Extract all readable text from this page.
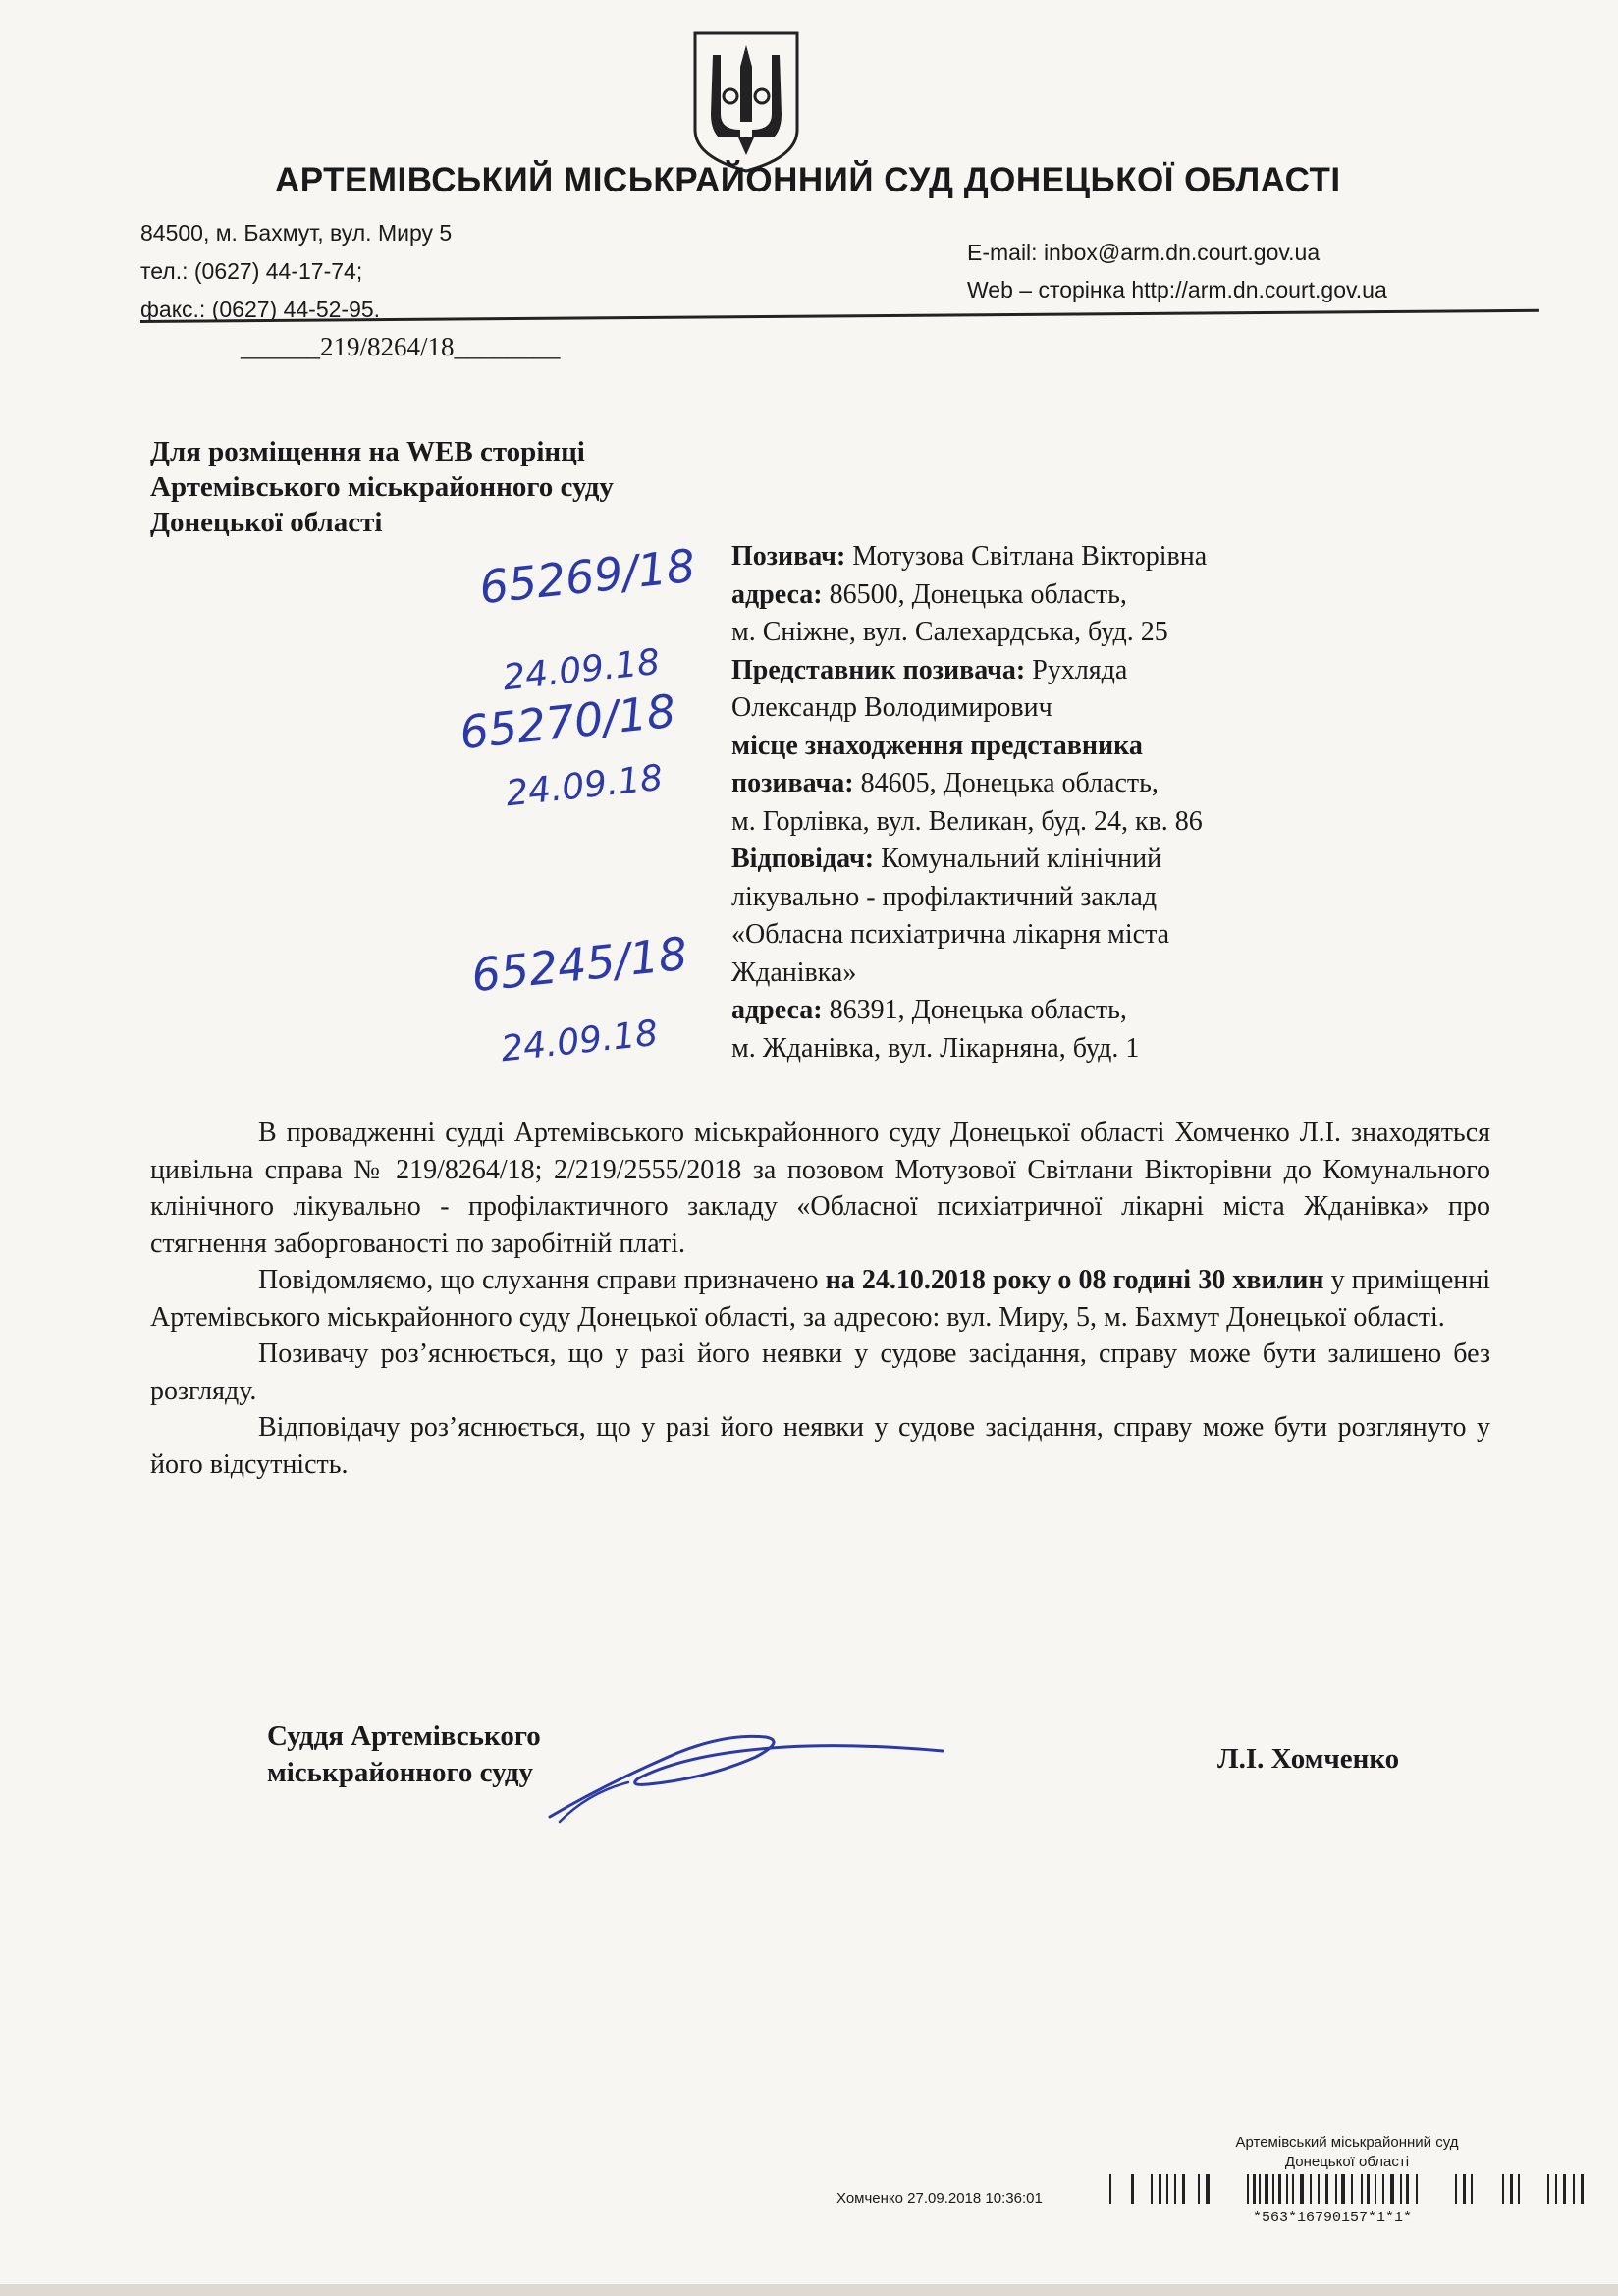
АРТЕМІВСЬКИЙ МІСЬКРАЙОННИЙ СУД ДОНЕЦЬКОЇ ОБЛАСТІ
84500, м. Бахмут, вул. Миру 5
тел.: (0627) 44-17-74;
факс.: (0627) 44-52-95.
E-mail: inbox@arm.dn.court.gov.ua
Web – сторінка http://arm.dn.court.gov.ua
______219/8264/18________
Для розміщення на WEB сторінці
Артемівського міськрайонного суду
Донецької області
65269/18
24.09.18
65270/18
24.09.18
65245/18
24.09.18
Позивач: Мотузова Світлана Вікторівна
адреса: 86500, Донецька область,
м. Сніжне, вул. Салехардська, буд. 25
Представник позивача: Рухляда
Олександр Володимирович
місце знаходження представника
позивача: 84605, Донецька область,
м. Горлівка, вул. Великан, буд. 24, кв. 86
Відповідач: Комунальний клінічний
лікувально - профілактичний заклад
«Обласна психіатрична лікарня міста
Жданівка»
адреса: 86391, Донецька область,
м. Жданівка, вул. Лікарняна, буд. 1

В провадженні судді Артемівського міськрайонного суду Донецької області Хомченко Л.І. знаходяться цивільна справа № 219/8264/18; 2/219/2555/2018 за позовом Мотузової Світлани Вікторівни до Комунального клінічного лікувально - профілактичного закладу «Обласної психіатричної лікарні міста Жданівка» про стягнення заборгованості по заробітній платі.

Повідомляємо, що слухання справи призначено на 24.10.2018 року о 08 годині 30 хвилин у приміщенні Артемівського міськрайонного суду Донецької області, за адресою: вул. Миру, 5, м. Бахмут Донецької області.

Позивачу роз’яснюється, що у разі його неявки у судове засідання, справу може бути залишено без розгляду.

Відповідачу роз’яснюється, що у разі його неявки у судове засідання, справу може бути розглянуто у його відсутність.

Суддя Артемівського
міськрайонного суду	Л.І. Хомченко
Артемівський міськрайонний суд
Донецької області
Хомченко 27.09.2018 10:36:01
*563*16790157*1*1*
